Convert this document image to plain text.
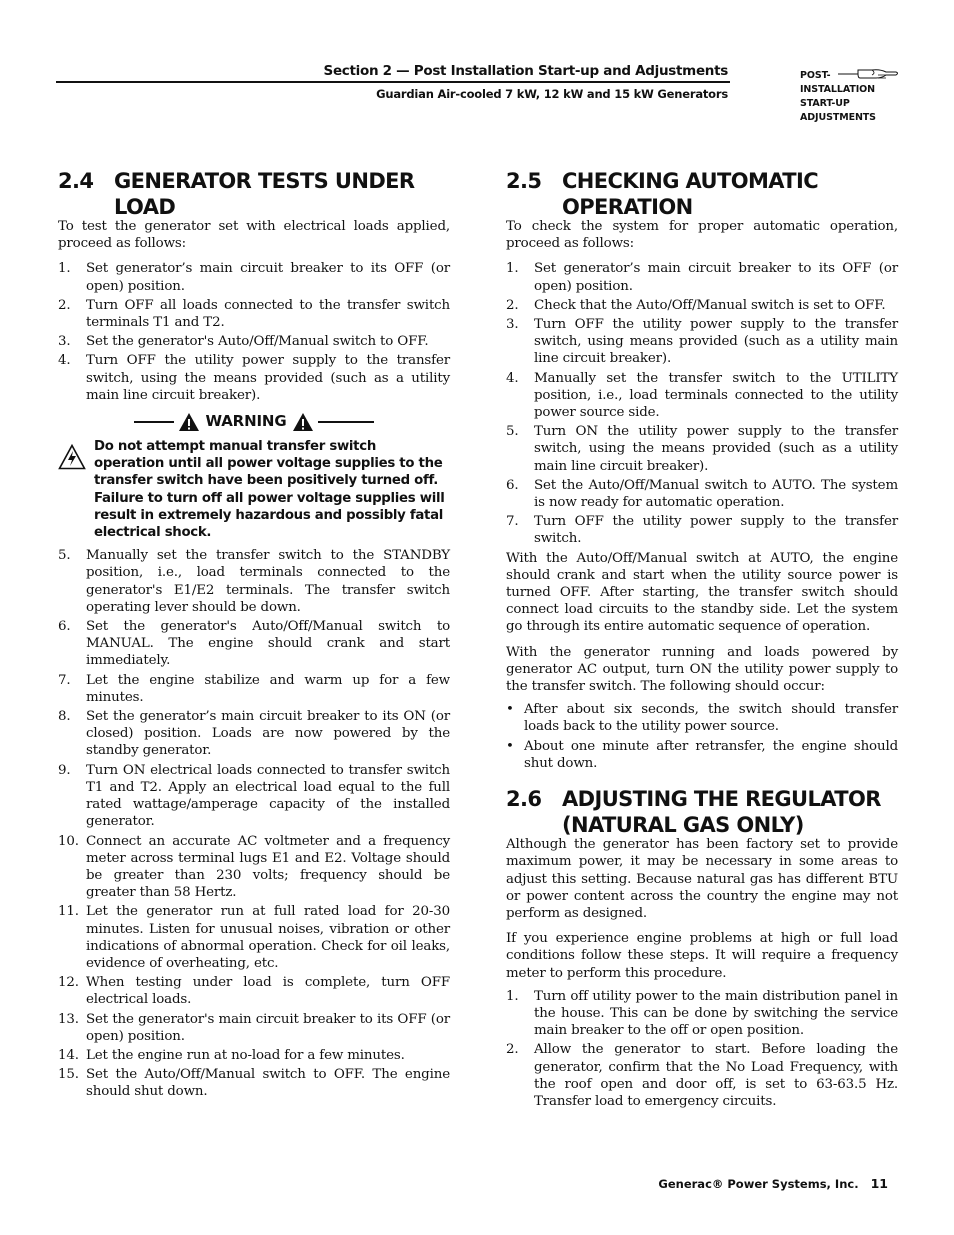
Section 2 — Post Installation Start-up and Adjustments
Guardian Air-cooled 7 kW, 12 kW and 15 kW Generators
POST-
INSTALLATION
START-UP
ADJUSTMENTS
2.4 GENERATOR TESTS UNDER LOAD

To test the generator set with electrical loads applied, proceed as follows:

1.	Set generator’s main circuit breaker to its OFF (or open) position.
2.	Turn OFF all loads connected to the transfer switch terminals T1 and T2.
3.	Set the generator's Auto/Off/Manual switch to OFF.
4.	Turn OFF the utility power supply to the transfer switch, using the means provided (such as a utility main line circuit breaker).
WARNING
Do not attempt manual transfer switch operation until all power voltage supplies to the transfer switch have been positively turned off. Failure to turn off all power voltage supplies will result in extremely hazardous and possibly fatal electrical shock.
5.	Manually set the transfer switch to the STANDBY position, i.e., load terminals connected to the generator's E1/E2 terminals. The transfer switch operating lever should be down.
6.	Set the generator's Auto/Off/Manual switch to MANUAL. The engine should crank and start immediately.
7.	Let the engine stabilize and warm up for a few minutes.
8.	Set the generator’s main circuit breaker to its ON (or closed) position. Loads are now powered by the standby generator.
9.	Turn ON electrical loads connected to transfer switch T1 and T2. Apply an electrical load equal to the full rated wattage/amperage capacity of the installed generator.
10. Connect an accurate AC voltmeter and a frequency meter across terminal lugs E1 and E2. Voltage should be greater than 230 volts; frequency should be greater than 58 Hertz.
11. Let the generator run at full rated load for 20-30 minutes. Listen for unusual noises, vibration or other indications of abnormal operation. Check for oil leaks, evidence of overheating, etc.
12. When testing under load is complete, turn OFF electrical loads.
13. Set the generator's main circuit breaker to its OFF (or open) position.
14. Let the engine run at no-load for a few minutes.
15. Set the Auto/Off/Manual switch to OFF. The engine should shut down.
2.5 CHECKING AUTOMATIC
OPERATION

To check the system for proper automatic operation, proceed as follows:

1.	Set generator’s main circuit breaker to its OFF (or open) position.
2.	Check that the Auto/Off/Manual switch is set to OFF.
3.	Turn OFF the utility power supply to the transfer switch, using means provided (such as a utility main line circuit breaker).
4.	Manually set the transfer switch to the UTILITY position, i.e., load terminals connected to the utility power source side.
5.	Turn ON the utility power supply to the transfer switch, using the means provided (such as a utility main line circuit breaker).
6.	Set the Auto/Off/Manual switch to AUTO. The system is now ready for automatic operation.
7.	Turn OFF the utility power supply to the transfer switch.

With the Auto/Off/Manual switch at AUTO, the engine should crank and start when the utility source power is turned OFF. After starting, the transfer switch should connect load circuits to the standby side. Let the system go through its entire automatic sequence of operation.

With the generator running and loads powered by generator AC output, turn ON the utility power supply to the transfer switch. The following should occur:

• After about six seconds, the switch should transfer loads back to the utility power source.
• About one minute after retransfer, the engine should shut down.
2.6 ADJUSTING THE REGULATOR
(NATURAL GAS ONLY)

Although the generator has been factory set to provide maximum power, it may be necessary in some areas to adjust this setting. Because natural gas has different BTU or power content across the country the engine may not perform as designed.

If you experience engine problems at high or full load conditions follow these steps. It will require a frequency meter to perform this procedure.

1.	Turn off utility power to the main distribution panel in the house. This can be done by switching the service main breaker to the off or open position.
2.	Allow the generator to start. Before loading the generator, confirm that the No Load Frequency, with the roof open and door off, is set to 63-63.5 Hz. Transfer load to emergency circuits.
Generac® Power Systems, Inc. 11
